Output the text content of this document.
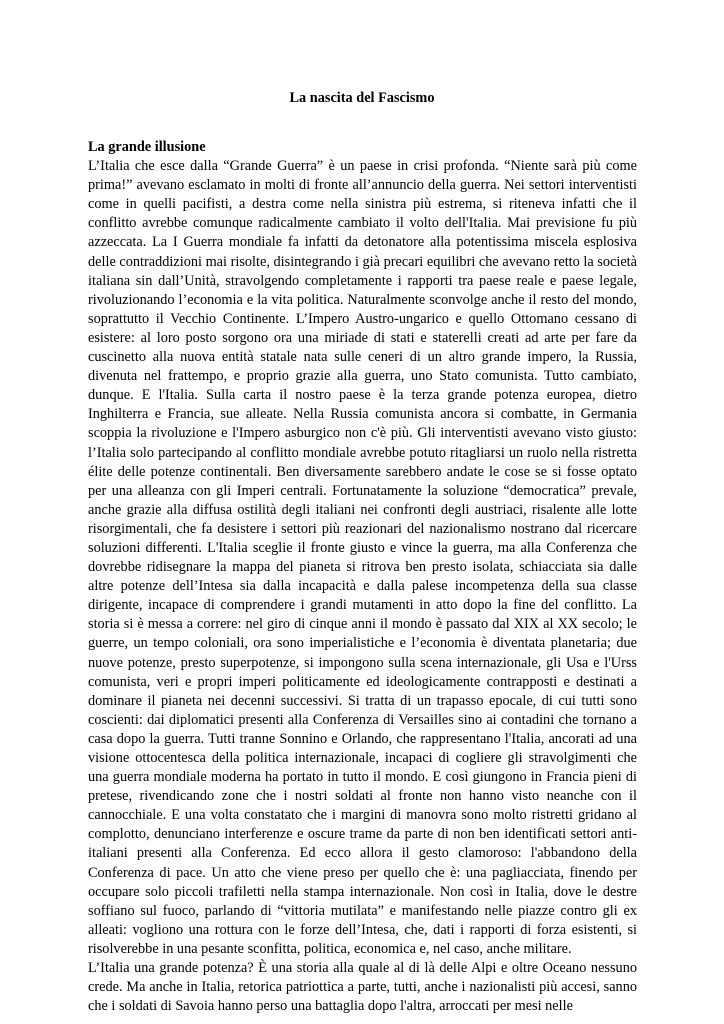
La nascita del Fascismo

La grande illusione

L’Italia che esce dalla “Grande Guerra” è un paese in crisi profonda. “Niente sarà più come prima!” avevano esclamato in molti di fronte all’annuncio della guerra. Nei settori interventisti come in quelli pacifisti, a destra come nella sinistra più estrema, si riteneva infatti che il conflitto avrebbe comunque radicalmente cambiato il volto dell'Italia. Mai previsione fu più azzeccata. La I Guerra mondiale fa infatti da detonatore alla potentissima miscela esplosiva delle contraddizioni mai risolte, disintegrando i già precari equilibri che avevano retto la società italiana sin dall’Unità, stravolgendo completamente i rapporti tra paese reale e paese legale, rivoluzionando l’economia e la vita politica. Naturalmente sconvolge anche il resto del mondo, soprattutto il Vecchio Continente. L’Impero Austro-ungarico e quello Ottomano cessano di esistere: al loro posto sorgono ora una miriade di stati e staterelli creati ad arte per fare da cuscinetto alla nuova entità statale nata sulle ceneri di un altro grande impero, la Russia, divenuta nel frattempo, e proprio grazie alla guerra, uno Stato comunista. Tutto cambiato, dunque. E l'Italia. Sulla carta il nostro paese è la terza grande potenza europea, dietro Inghilterra e Francia, sue alleate. Nella Russia comunista ancora si combatte, in Germania scoppia la rivoluzione e l'Impero asburgico non c'è più. Gli interventisti avevano visto giusto: l’Italia solo partecipando al conflitto mondiale avrebbe potuto ritagliarsi un ruolo nella ristretta élite delle potenze continentali. Ben diversamente sarebbero andate le cose se si fosse optato per una alleanza con gli Imperi centrali. Fortunatamente la soluzione “democratica” prevale, anche grazie alla diffusa ostilità degli italiani nei confronti degli austriaci, risalente alle lotte risorgimentali, che fa desistere i settori più reazionari del nazionalismo nostrano dal ricercare soluzioni differenti. L'Italia sceglie il fronte giusto e vince la guerra, ma alla Conferenza che dovrebbe ridisegnare la mappa del pianeta si ritrova ben presto isolata, schiacciata sia dalle altre potenze dell’Intesa sia dalla incapacità e dalla palese incompetenza della sua classe dirigente, incapace di comprendere i grandi mutamenti in atto dopo la fine del conflitto. La storia si è messa a correre: nel giro di cinque anni il mondo è passato dal XIX al XX secolo; le guerre, un tempo coloniali, ora sono imperialistiche e l’economia è diventata planetaria; due nuove potenze, presto superpotenze, si impongono sulla scena internazionale, gli Usa e l'Urss comunista, veri e propri imperi politicamente ed ideologicamente contrapposti e destinati a dominare il pianeta nei decenni successivi. Si tratta di un trapasso epocale, di cui tutti sono coscienti: dai diplomatici presenti alla Conferenza di Versailles sino ai contadini che tornano a casa dopo la guerra. Tutti tranne Sonnino e Orlando, che rappresentano l'Italia, ancorati ad una visione ottocentesca della politica internazionale, incapaci di cogliere gli stravolgimenti che una guerra mondiale moderna ha portato in tutto il mondo. E così giungono in Francia pieni di pretese, rivendicando zone che i nostri soldati al fronte non hanno visto neanche con il cannocchiale. E una volta constatato che i margini di manovra sono molto ristretti gridano al complotto, denunciano interferenze e oscure trame da parte di non ben identificati settori anti-italiani presenti alla Conferenza. Ed ecco allora il gesto clamoroso: l'abbandono della Conferenza di pace. Un atto che viene preso per quello che è: una pagliacciata, finendo per occupare solo piccoli trafiletti nella stampa internazionale. Non così in Italia, dove le destre soffiano sul fuoco, parlando di “vittoria mutilata” e manifestando nelle piazze contro gli ex alleati: vogliono una rottura con le forze dell’Intesa, che, dati i rapporti di forza esistenti, si risolverebbe in una pesante sconfitta, politica, economica e, nel caso, anche militare.

L’Italia una grande potenza? È una storia alla quale al di là delle Alpi e oltre Oceano nessuno crede. Ma anche in Italia, retorica patriottica a parte, tutti, anche i nazionalisti più accesi, sanno che i soldati di Savoia hanno perso una battaglia dopo l'altra, arroccati per mesi nelle
